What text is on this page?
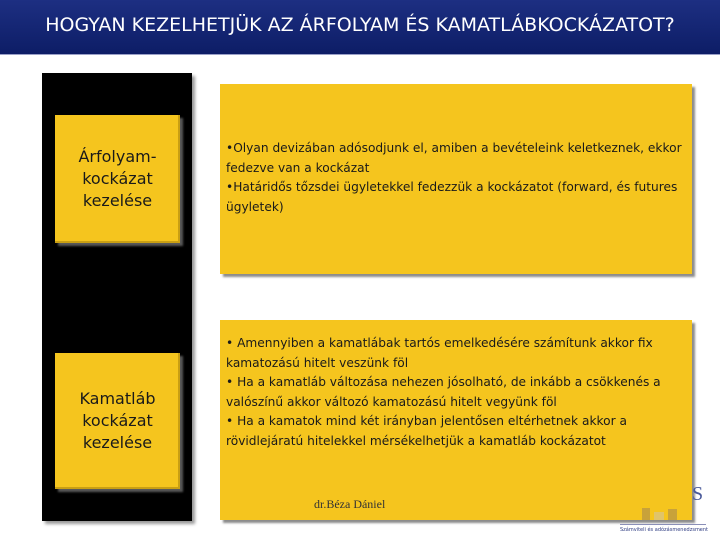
HOGYAN KEZELHETJÜK AZ ÁRFOLYAM ÉS KAMATLÁBKOCKÁZATOT?
Árfolyam-
kockázat
kezelése
Kamatláb
kockázat
kezelése

•Olyan devizában adósodjunk el, amiben a bevételeink keletkeznek, ekkor fedezve van a kockázat

•Határidős tőzsdei ügyletekkel fedezzük a kockázatot (forward, és futures ügyletek)

• Amennyiben a kamatlábak tartós emelkedésére számítunk akkor fix kamatozású hitelt veszünk föl

• Ha a kamatláb változása nehezen jósolható, de inkább a csökkenés a valószínű akkor változó kamatozású hitelt vegyünk föl

• Ha a kamatok mind két irányban jelentősen eltérhetnek akkor a rövidlejáratú hitelekkel mérsékelhetjük a kamatláb kockázatot

dr.Béza Dániel	S
Számviteli és adózásmenedzsment
